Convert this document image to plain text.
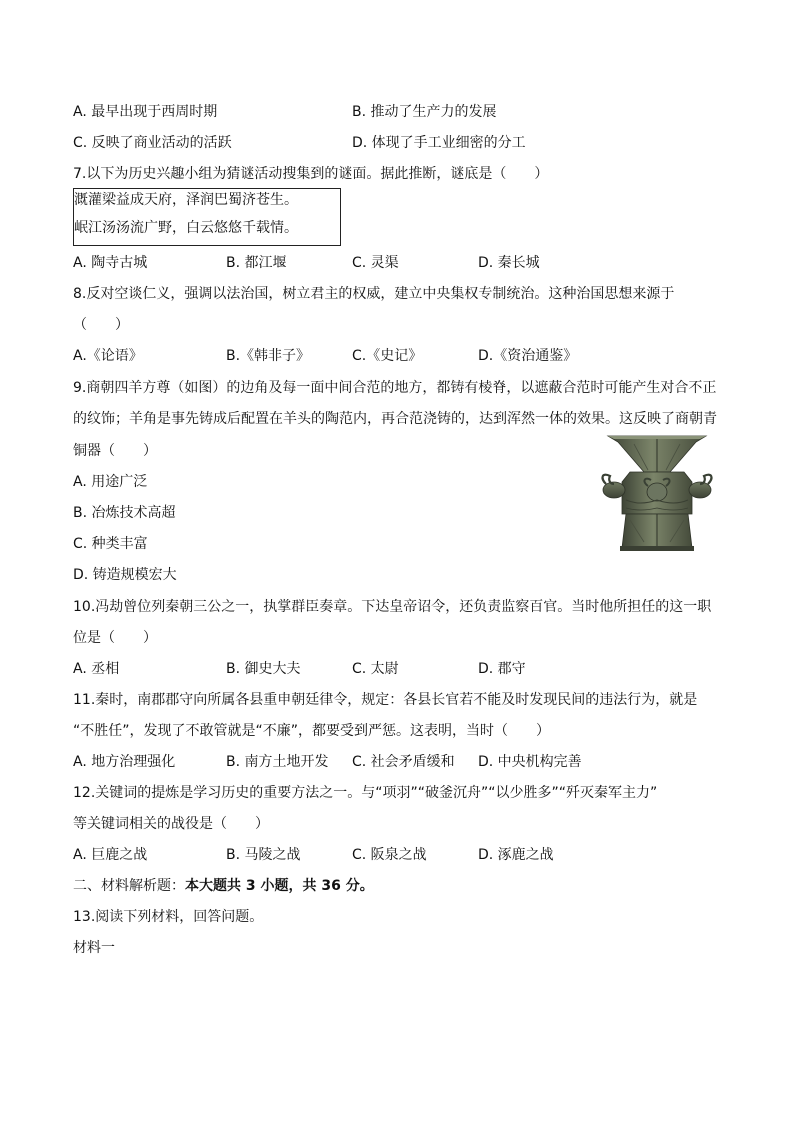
A. 最早出现于西周时期	B. 推动了生产力的发展
C. 反映了商业活动的活跃	D. 体现了手工业细密的分工
7.以下为历史兴趣小组为猜谜活动搜集到的谜面。据此推断，谜底是（　　）
溉灌梁益成天府，泽润巴蜀济苍生。
岷江汤汤流广野，白云悠悠千载情。
A. 陶寺古城	B. 都江堰	C. 灵渠	D. 秦长城
8.反对空谈仁义，强调以法治国，树立君主的权威，建立中央集权专制统治。这种治国思想来源于
（　　）
A.《论语》	B.《韩非子》	C.《史记》	D.《资治通鉴》
9.商朝四羊方尊（如图）的边角及每一面中间合范的地方，都铸有棱脊，以遮蔽合范时可能产生对合不正
的纹饰；羊角是事先铸成后配置在羊头的陶范内，再合范浇铸的，达到浑然一体的效果。这反映了商朝青
铜器（　　）
A. 用途广泛
B. 冶炼技术高超
C. 种类丰富
D. 铸造规模宏大
10.冯劫曾位列秦朝三公之一，执掌群臣奏章。下达皇帝诏令，还负责监察百官。当时他所担任的这一职
位是（　　）
A. 丞相	B. 御史大夫	C. 太尉	D. 郡守
11.秦时，南郡郡守向所属各县重申朝廷律令，规定：各县长官若不能及时发现民间的违法行为，就是
“不胜任”，发现了不敢管就是“不廉”，都要受到严惩。这表明，当时（　　）
A. 地方治理强化	B. 南方土地开发 C. 社会矛盾缓和 D. 中央机构完善
12.关键词的提炼是学习历史的重要方法之一。与“项羽”“破釜沉舟”“以少胜多”“歼灭秦军主力”
等关键词相关的战役是（　　）
A. 巨鹿之战	B. 马陵之战	C. 阪泉之战	D. 涿鹿之战
二、材料解析题：本大题共 3 小题，共 36 分。
13.阅读下列材料，回答问题。
材料一
